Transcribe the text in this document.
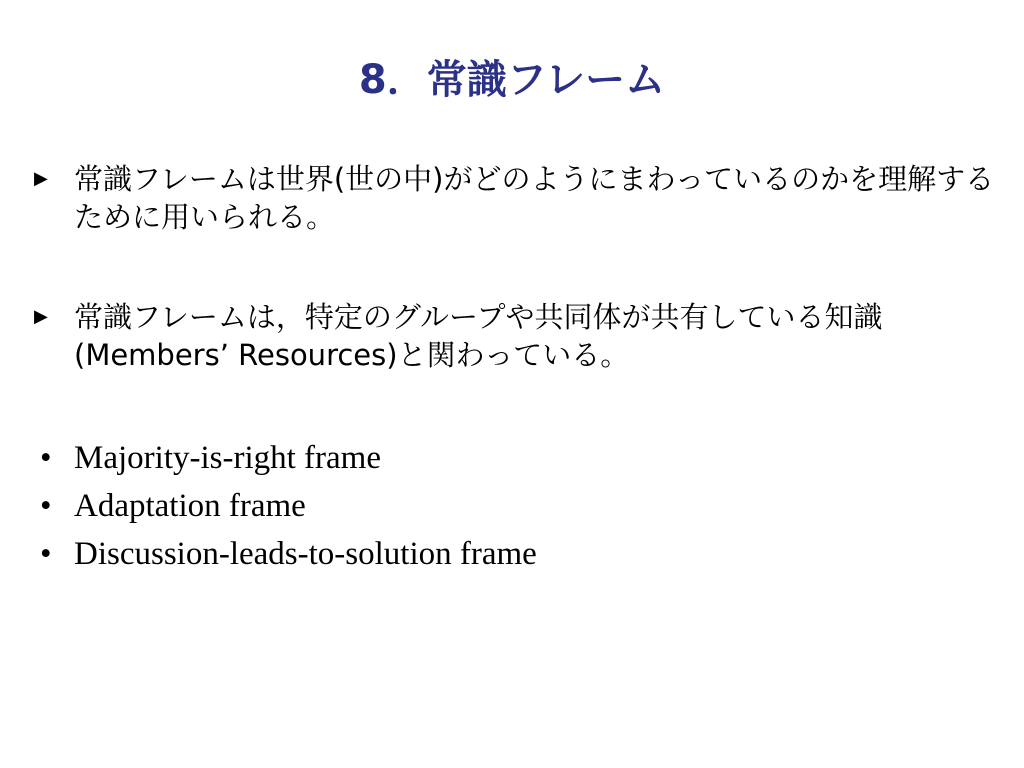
8．常識フレーム
▶ 常識フレームは世界(世の中)がどのようにまわっているのかを理解するために用いられる。
▶ 常識フレームは，特定のグループや共同体が共有している知識(Members’ Resources)と関わっている。
• Majority-is-right frame
• Adaptation frame
• Discussion-leads-to-solution frame
